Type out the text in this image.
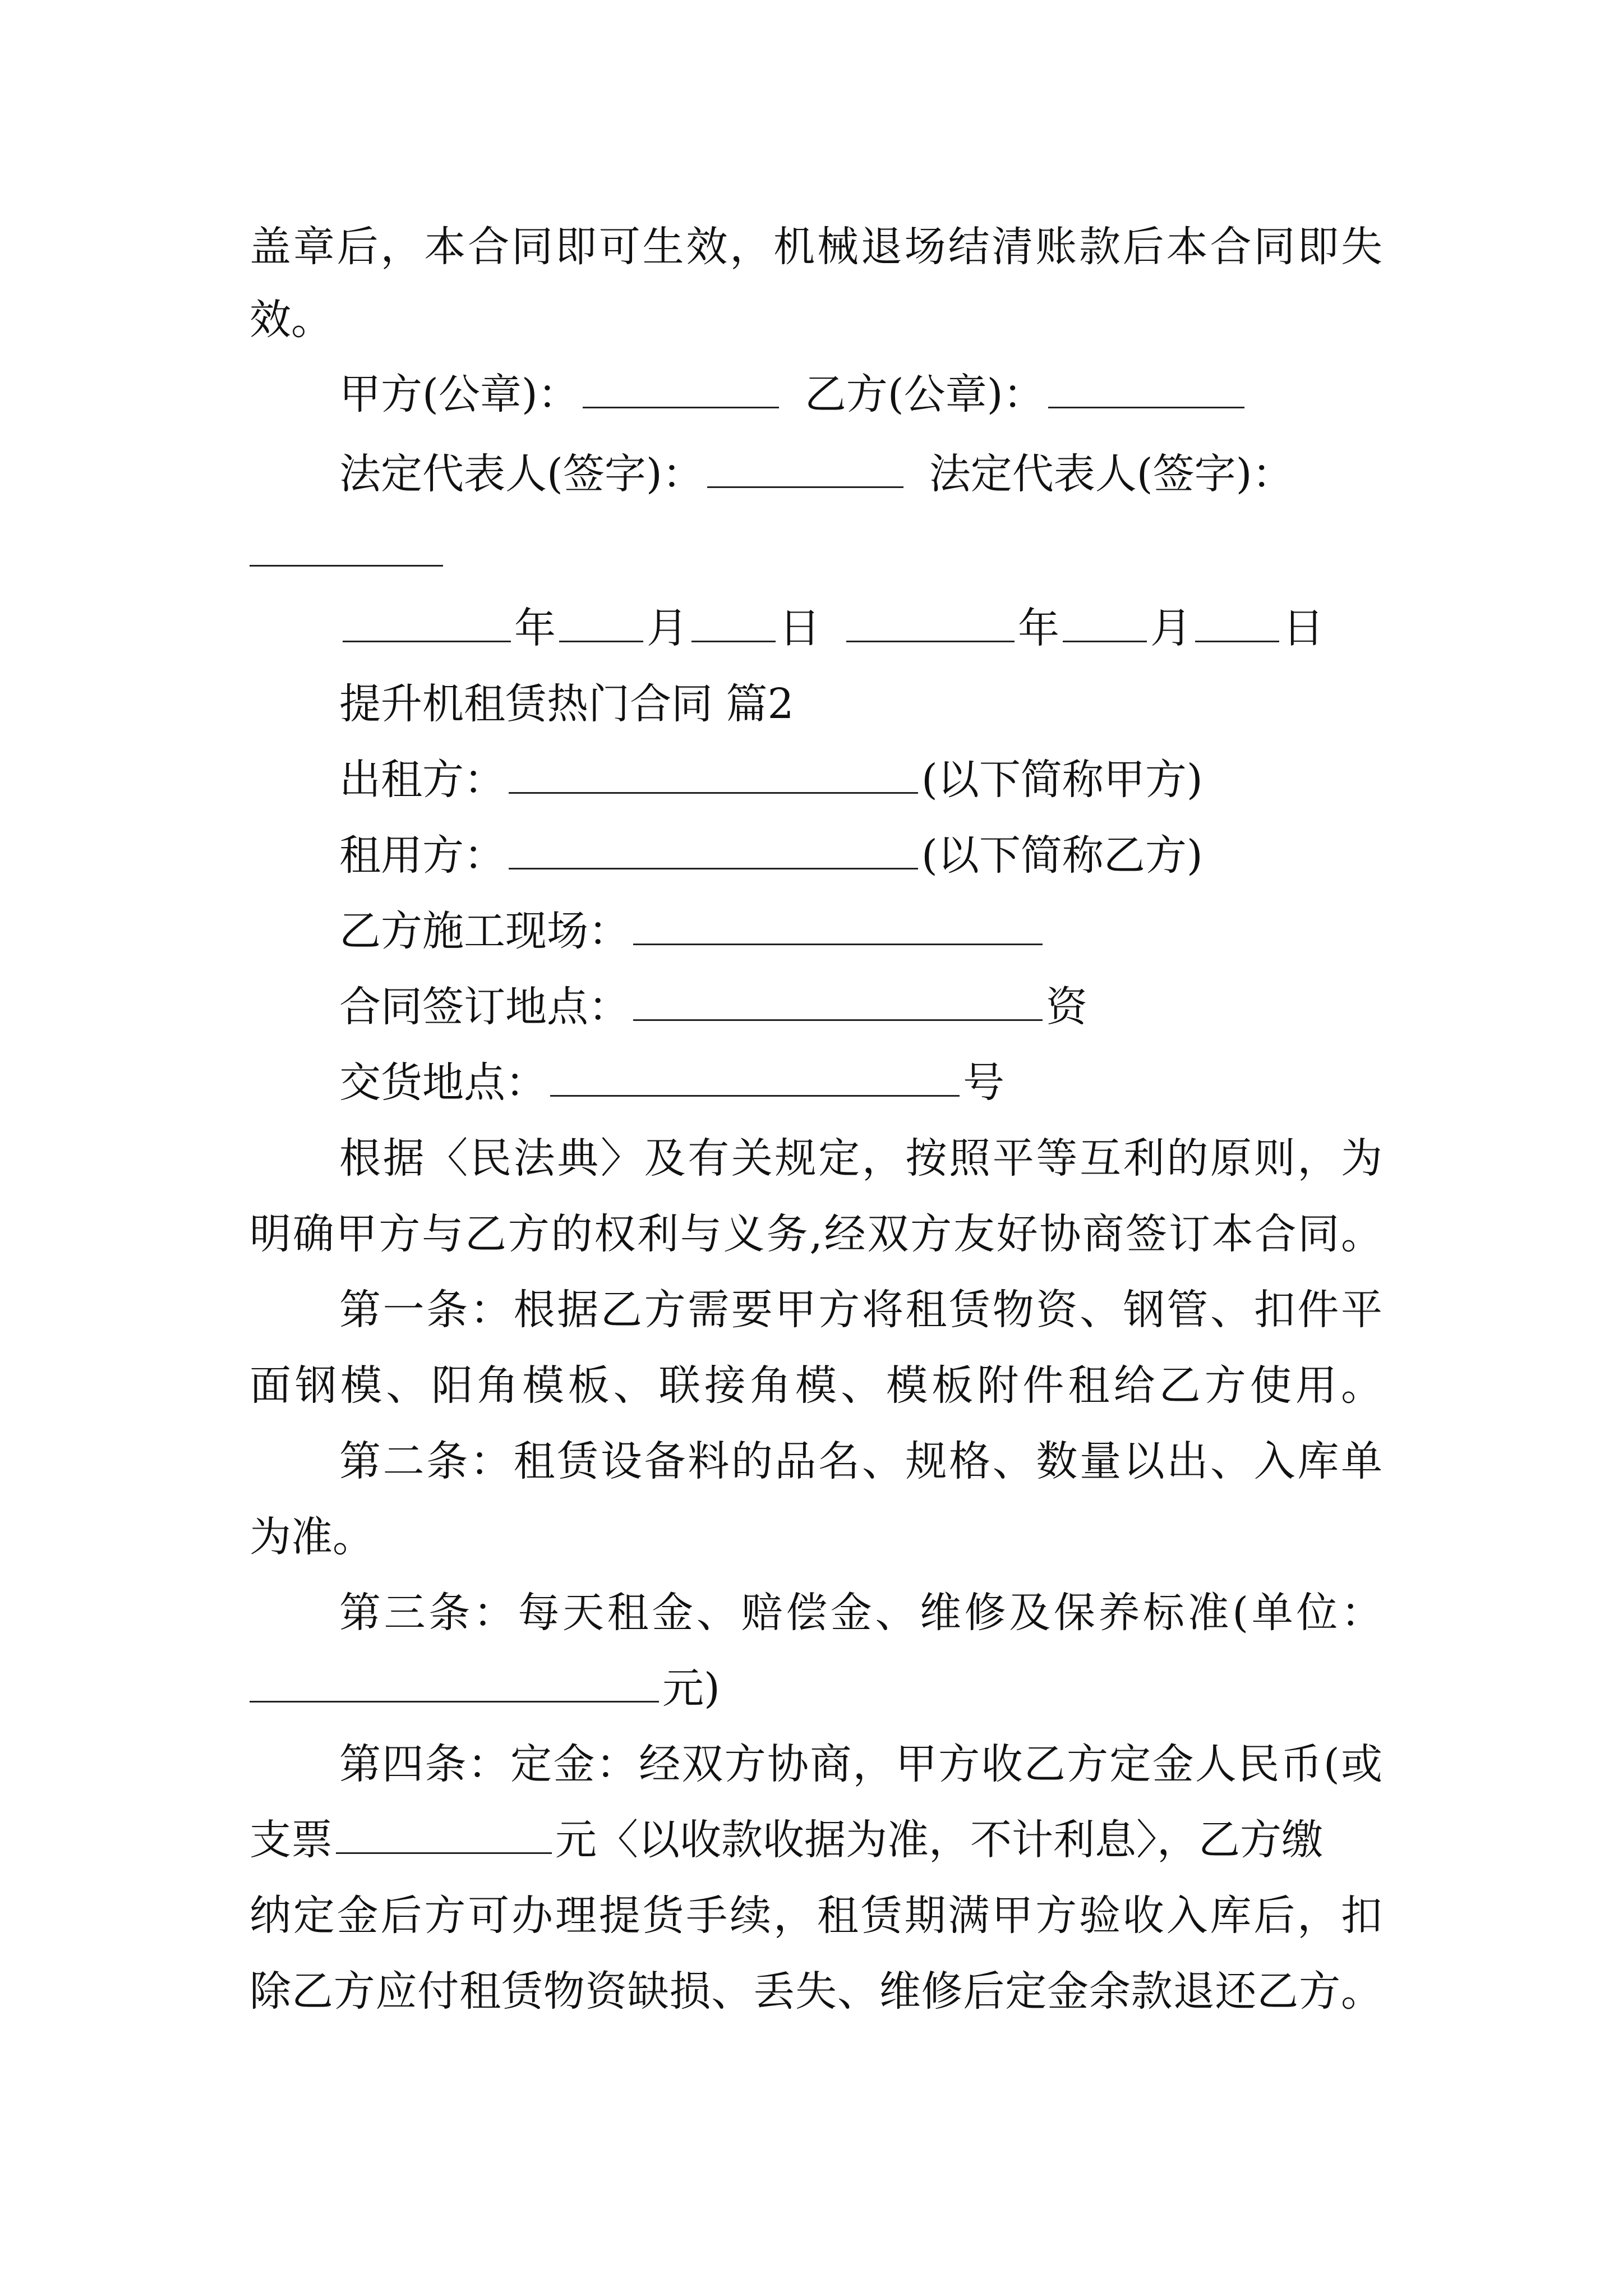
盖章后，本合同即可生效，机械退场结清账款后本合同即失
效。
甲方(公章)：	乙方(公章)：
法定代表人(签字)：	法定代表人(签字)：
年 月 日	年 月 日
提升机租赁热门合同 篇2
出租方：	(以下简称甲方)
租用方：	(以下简称乙方)
乙方施工现场：
合同签订地点：	资
交货地点：	号
根据〈民法典〉及有关规定，按照平等互利的原则，为
明确甲方与乙方的权利与义务,经双方友好协商签订本合同。
第一条：根据乙方需要甲方将租赁物资、钢管、扣件平
面钢模、阳角模板、联接角模、模板附件租给乙方使用。
第二条：租赁设备料的品名、规格、数量以出、入库单
为准。
第三条：每天租金、赔偿金、维修及保养标准(单位：
元)
第四条：定金：经双方协商，甲方收乙方定金人民币(或
支票	元〈以收款收据为准，不计利息〉，乙方缴
纳定金后方可办理提货手续，租赁期满甲方验收入库后，扣
除乙方应付租赁物资缺损、丢失、维修后定金余款退还乙方。
